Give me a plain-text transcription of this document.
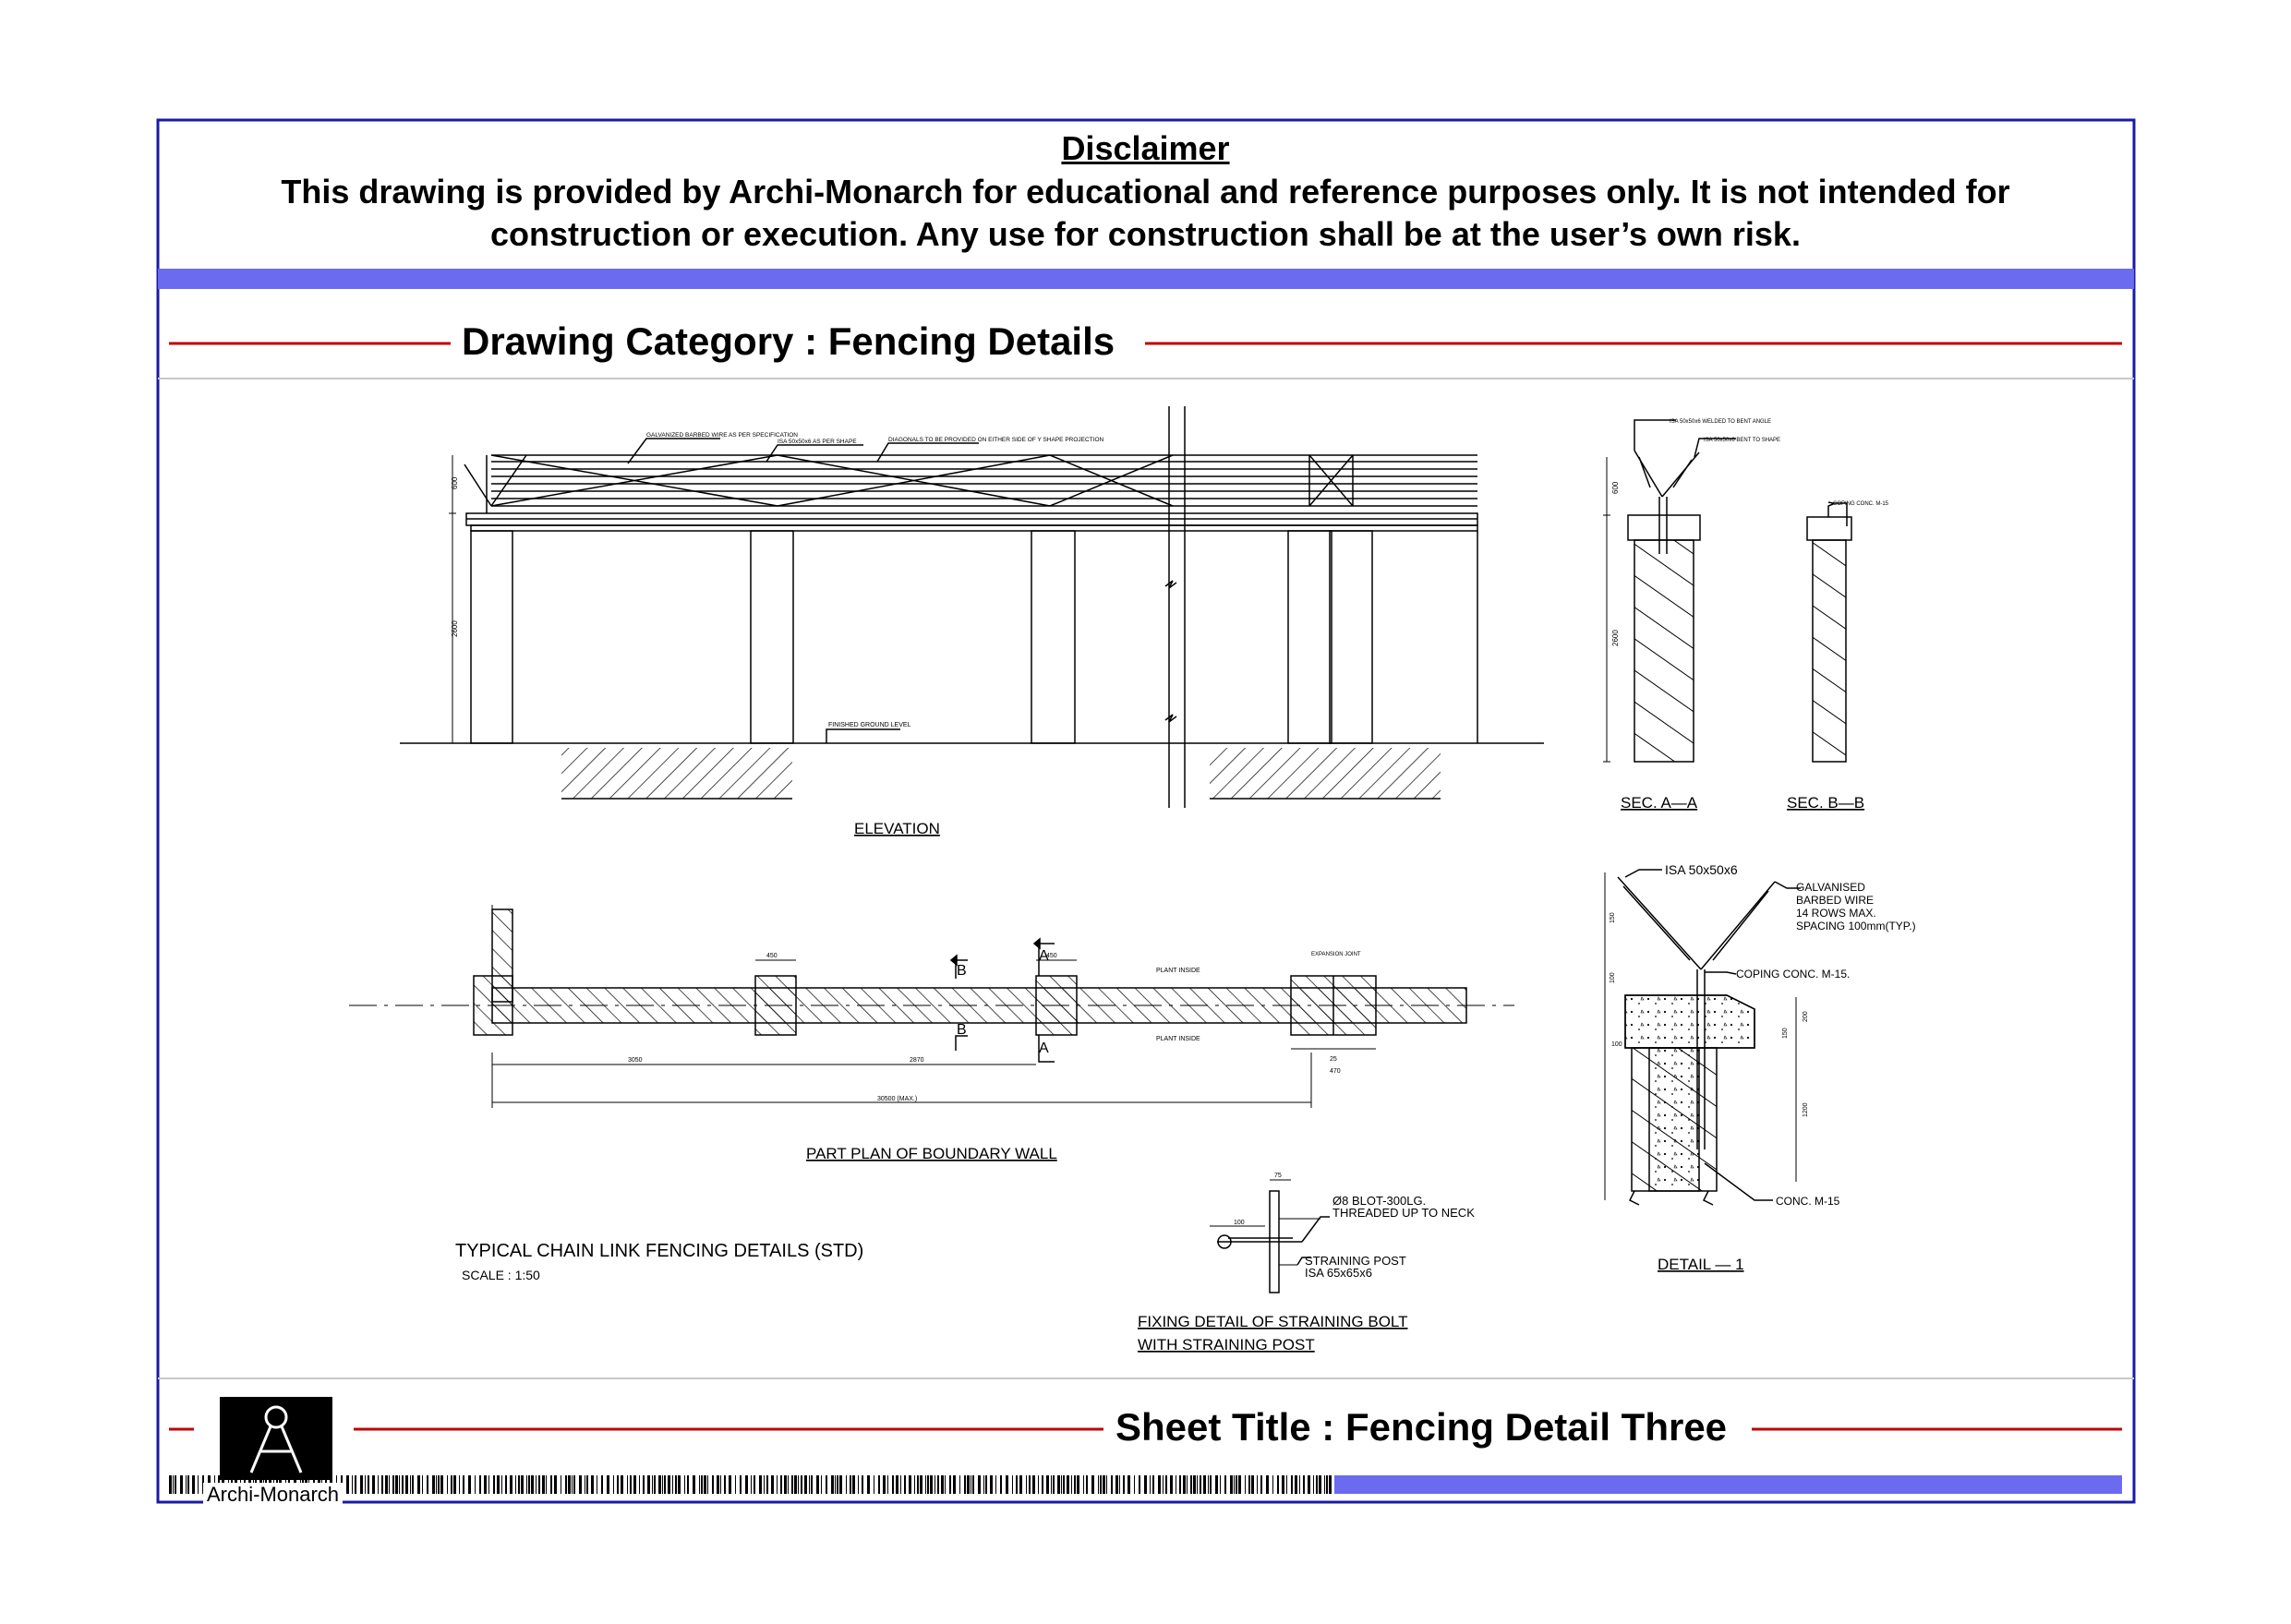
600
2600
GALVANIZED BARBED WIRE AS PER SPECIFICATION
ISA 50x50x6 AS PER SHAPE	DIAGONALS TO BE PROVIDED ON EITHER SIDE OF Y SHAPE PROJECTION
FINISHED GROUND LEVEL
ELEVATION
ISA 50x50x6 WELDED TO BENT ANGLE
ISA 50x50x6 BENT TO SHAPE
600
2600
SEC. A—A
COPING CONC. M-15
SEC. B—B
B
B
A
A
PLANT INSIDE
PLANT INSIDE
EXPANSION JOINT
3050	2870
30500 (MAX.)
450	450
25
470
PART PLAN OF BOUNDARY WALL
TYPICAL CHAIN LINK FENCING DETAILS (STD)
SCALE : 1:50
ISA 50x50x6
GALVANISED
BARBED WIRE
14 ROWS MAX.
SPACING 100mm(TYP.)
COPING CONC. M-15.
CONC. M-15
100
200
150
150
100
1200
DETAIL — 1
75
100
Ø8 BLOT-300LG.
THREADED UP TO NECK
STRAINING POST
ISA 65x65x6
FIXING DETAIL OF STRAINING BOLT
WITH STRAINING POST
Disclaimer
This drawing is provided by Archi-Monarch for educational and reference purposes only. It is not intended for
construction or execution. Any use for construction shall be at the user’s own risk.
Drawing Category : Fencing Details
Sheet Title : Fencing Detail Three
Archi-Monarch
